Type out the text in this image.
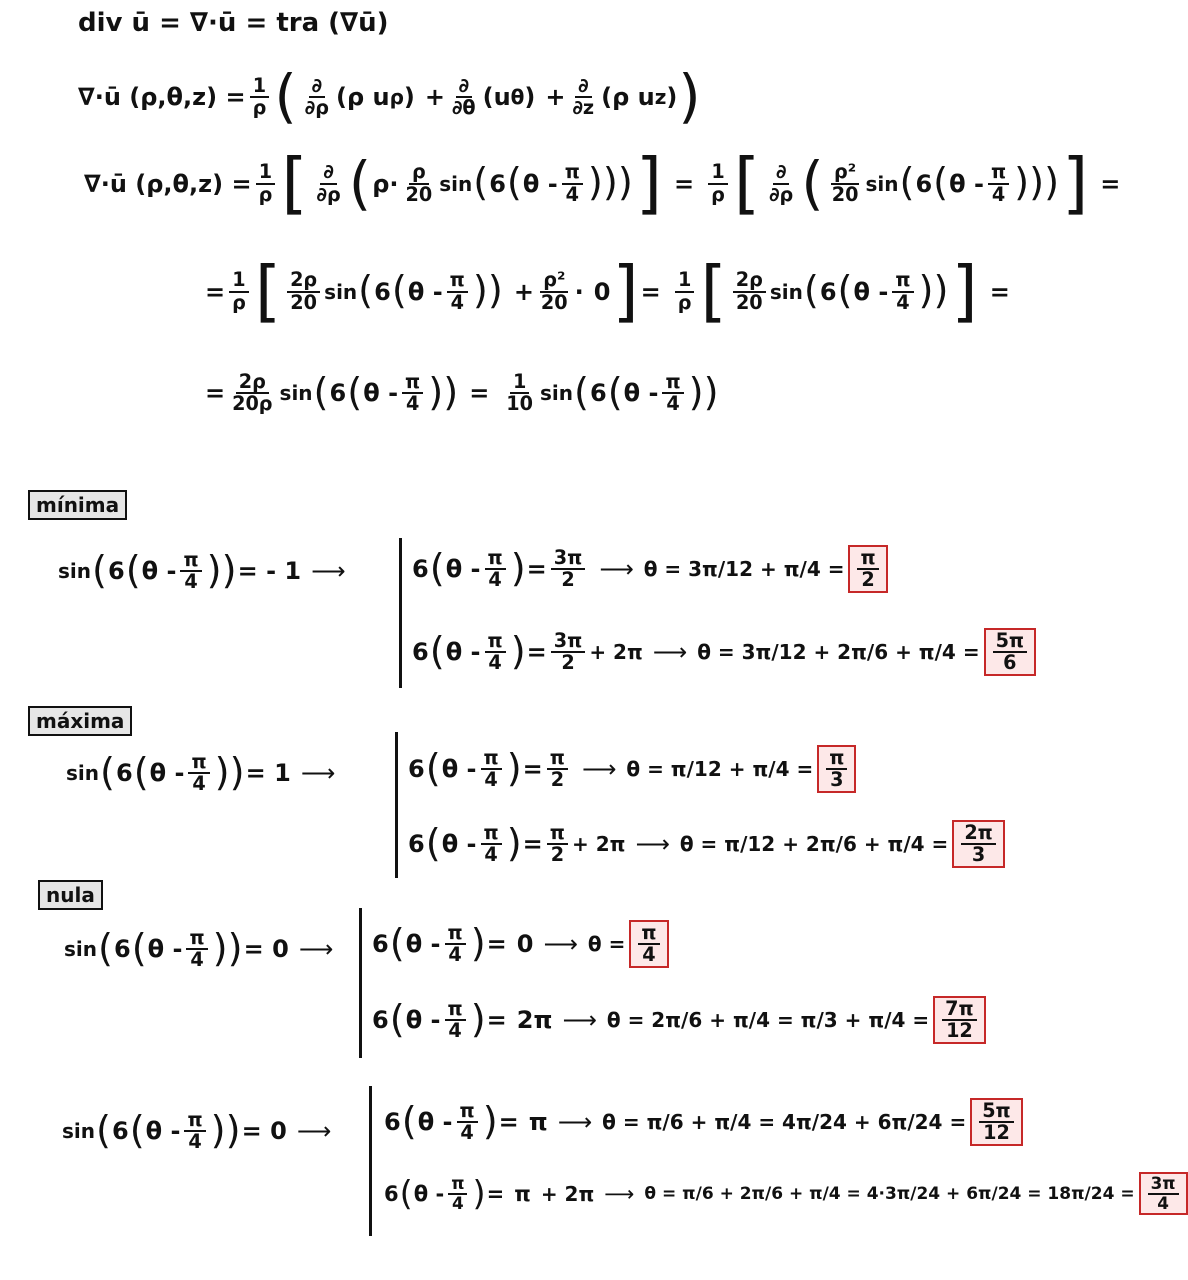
div ū = ∇·ū = tra (∇ū)
∇·ū $(\rho,\theta,z) = \frac{1}{\rho}$ ( $\frac{\partial}{\partial\rho} (\rho$ u ρ ) + $\frac{\partial}{\partial\theta} (u$ θ ) + $\frac{\partial}{\partial z} (\rho$ u z ) )
∇·ū $(\rho,\theta,z) = \frac{1}{\rho}$ [ $\frac{\partial}{\partial\rho}$ ( $\rho \cdot \frac{\rho}{20}$ sin ( 6 ( θ - $\frac{\pi}{4}$ ))) ] = $\frac{1}{\rho}$ [ $\frac{\partial}{\partial\rho}$ ( $\frac{\text{ρ²}}{20}$ sin ( 6 ( θ - $\frac{\pi}{4}$ ))) ] =
= $\frac{1}{\rho}$ [ $\frac{2\rho}{20}$ sin ( 6 ( θ - $\frac{\pi}{4}$ )) + $\frac{\text{ρ²}}{20} \cdot 0$ ] = $\frac{1}{\rho}$ [ $\frac{2\rho}{20}$ sin ( 6 ( θ - $\frac{\pi}{4}$ )) ] =
= $\frac{2\rho}{20\rho}$ sin ( 6 ( θ - $\frac{\pi}{4}$ )) = $\frac{1}{10}$ sin ( 6 ( θ - $\frac{\pi}{4}$ ))
mínima
sin ( 6 ( θ - $\frac{\pi}{4}$ )) = - 1 ⟶	6 ( θ - $\frac{\pi}{4}$ ) = $\frac{3\pi}{2}$ ⟶ $\theta = 3\pi/12 + \pi/4 = \frac{\pi}{2}$
6 ( θ - $\frac{\pi}{4}$ ) = $\frac{3\pi}{2} + 2\pi$ ⟶ $\theta = 3\pi/12 + 2\pi/6 + \pi/4 = \frac{5\pi}{6}$
máxima
sin ( 6 ( θ - $\frac{\pi}{4}$ )) = 1 ⟶	6 ( θ - $\frac{\pi}{4}$ ) = $\frac{\pi}{2}$ ⟶ $\theta = \pi/12 + \pi/4 = \frac{\pi}{3}$
6 ( θ - $\frac{\pi}{4}$ ) = $\frac{\pi}{2} + 2\pi$ ⟶ $\theta = \pi/12 + 2\pi/6 + \pi/4 = \frac{2\pi}{3}$
nula
sin ( 6 ( θ - $\frac{\pi}{4}$ )) = 0 ⟶ 6 ( θ - $\frac{\pi}{4}$ ) = 0 ⟶ $\theta = \frac{\pi}{4}$
6 ( θ - $\frac{\pi}{4}$ ) = 2π ⟶ $\theta = 2\pi/6 + \pi/4 = \pi/3 + \pi/4 = \frac{7\pi}{12}$
sin ( 6 ( θ - $\frac{\pi}{4}$ )) = 0 ⟶ 6 ( θ - $\frac{\pi}{4}$ ) = π ⟶ $\theta = \pi/6 + \pi/4 = 4\pi/24 + 6\pi/24 = \frac{5\pi}{12}$
6 ( θ - $\frac{\pi}{4}$ ) = π + 2π ⟶ $\theta = \pi/6 + 2\pi/6 + \pi/4 = 4\cdot 3\pi/24 + 6\pi/24 = 18\pi/24 = \frac{3\pi}{4}$
